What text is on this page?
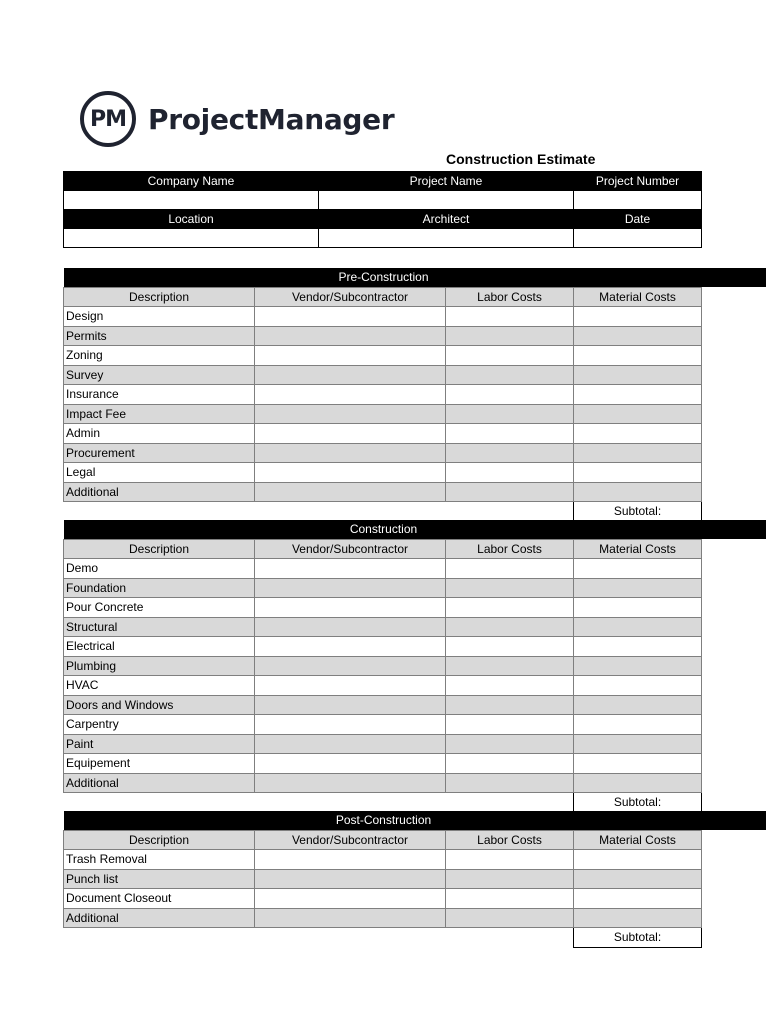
PM ProjectManager
Construction Estimate
Company Name	Project Name	Project Number

Location	Architect	Date

Pre-Construction			
Description	Vendor/Subcontractor	Labor Costs	Material Costs
Design			
Permits			
Zoning			
Survey			
Insurance			
Impact Fee			
Admin			
Procurement			
Legal			
Additional			
			Subtotal:
Construction			
Description	Vendor/Subcontractor	Labor Costs	Material Costs
Demo			
Foundation			
Pour Concrete			
Structural			
Electrical			
Plumbing			
HVAC			
Doors and Windows			
Carpentry			
Paint			
Equipement			
Additional			
			Subtotal:
Post-Construction			
Description	Vendor/Subcontractor	Labor Costs	Material Costs
Trash Removal			
Punch list			
Document Closeout			
Additional			
			Subtotal:
